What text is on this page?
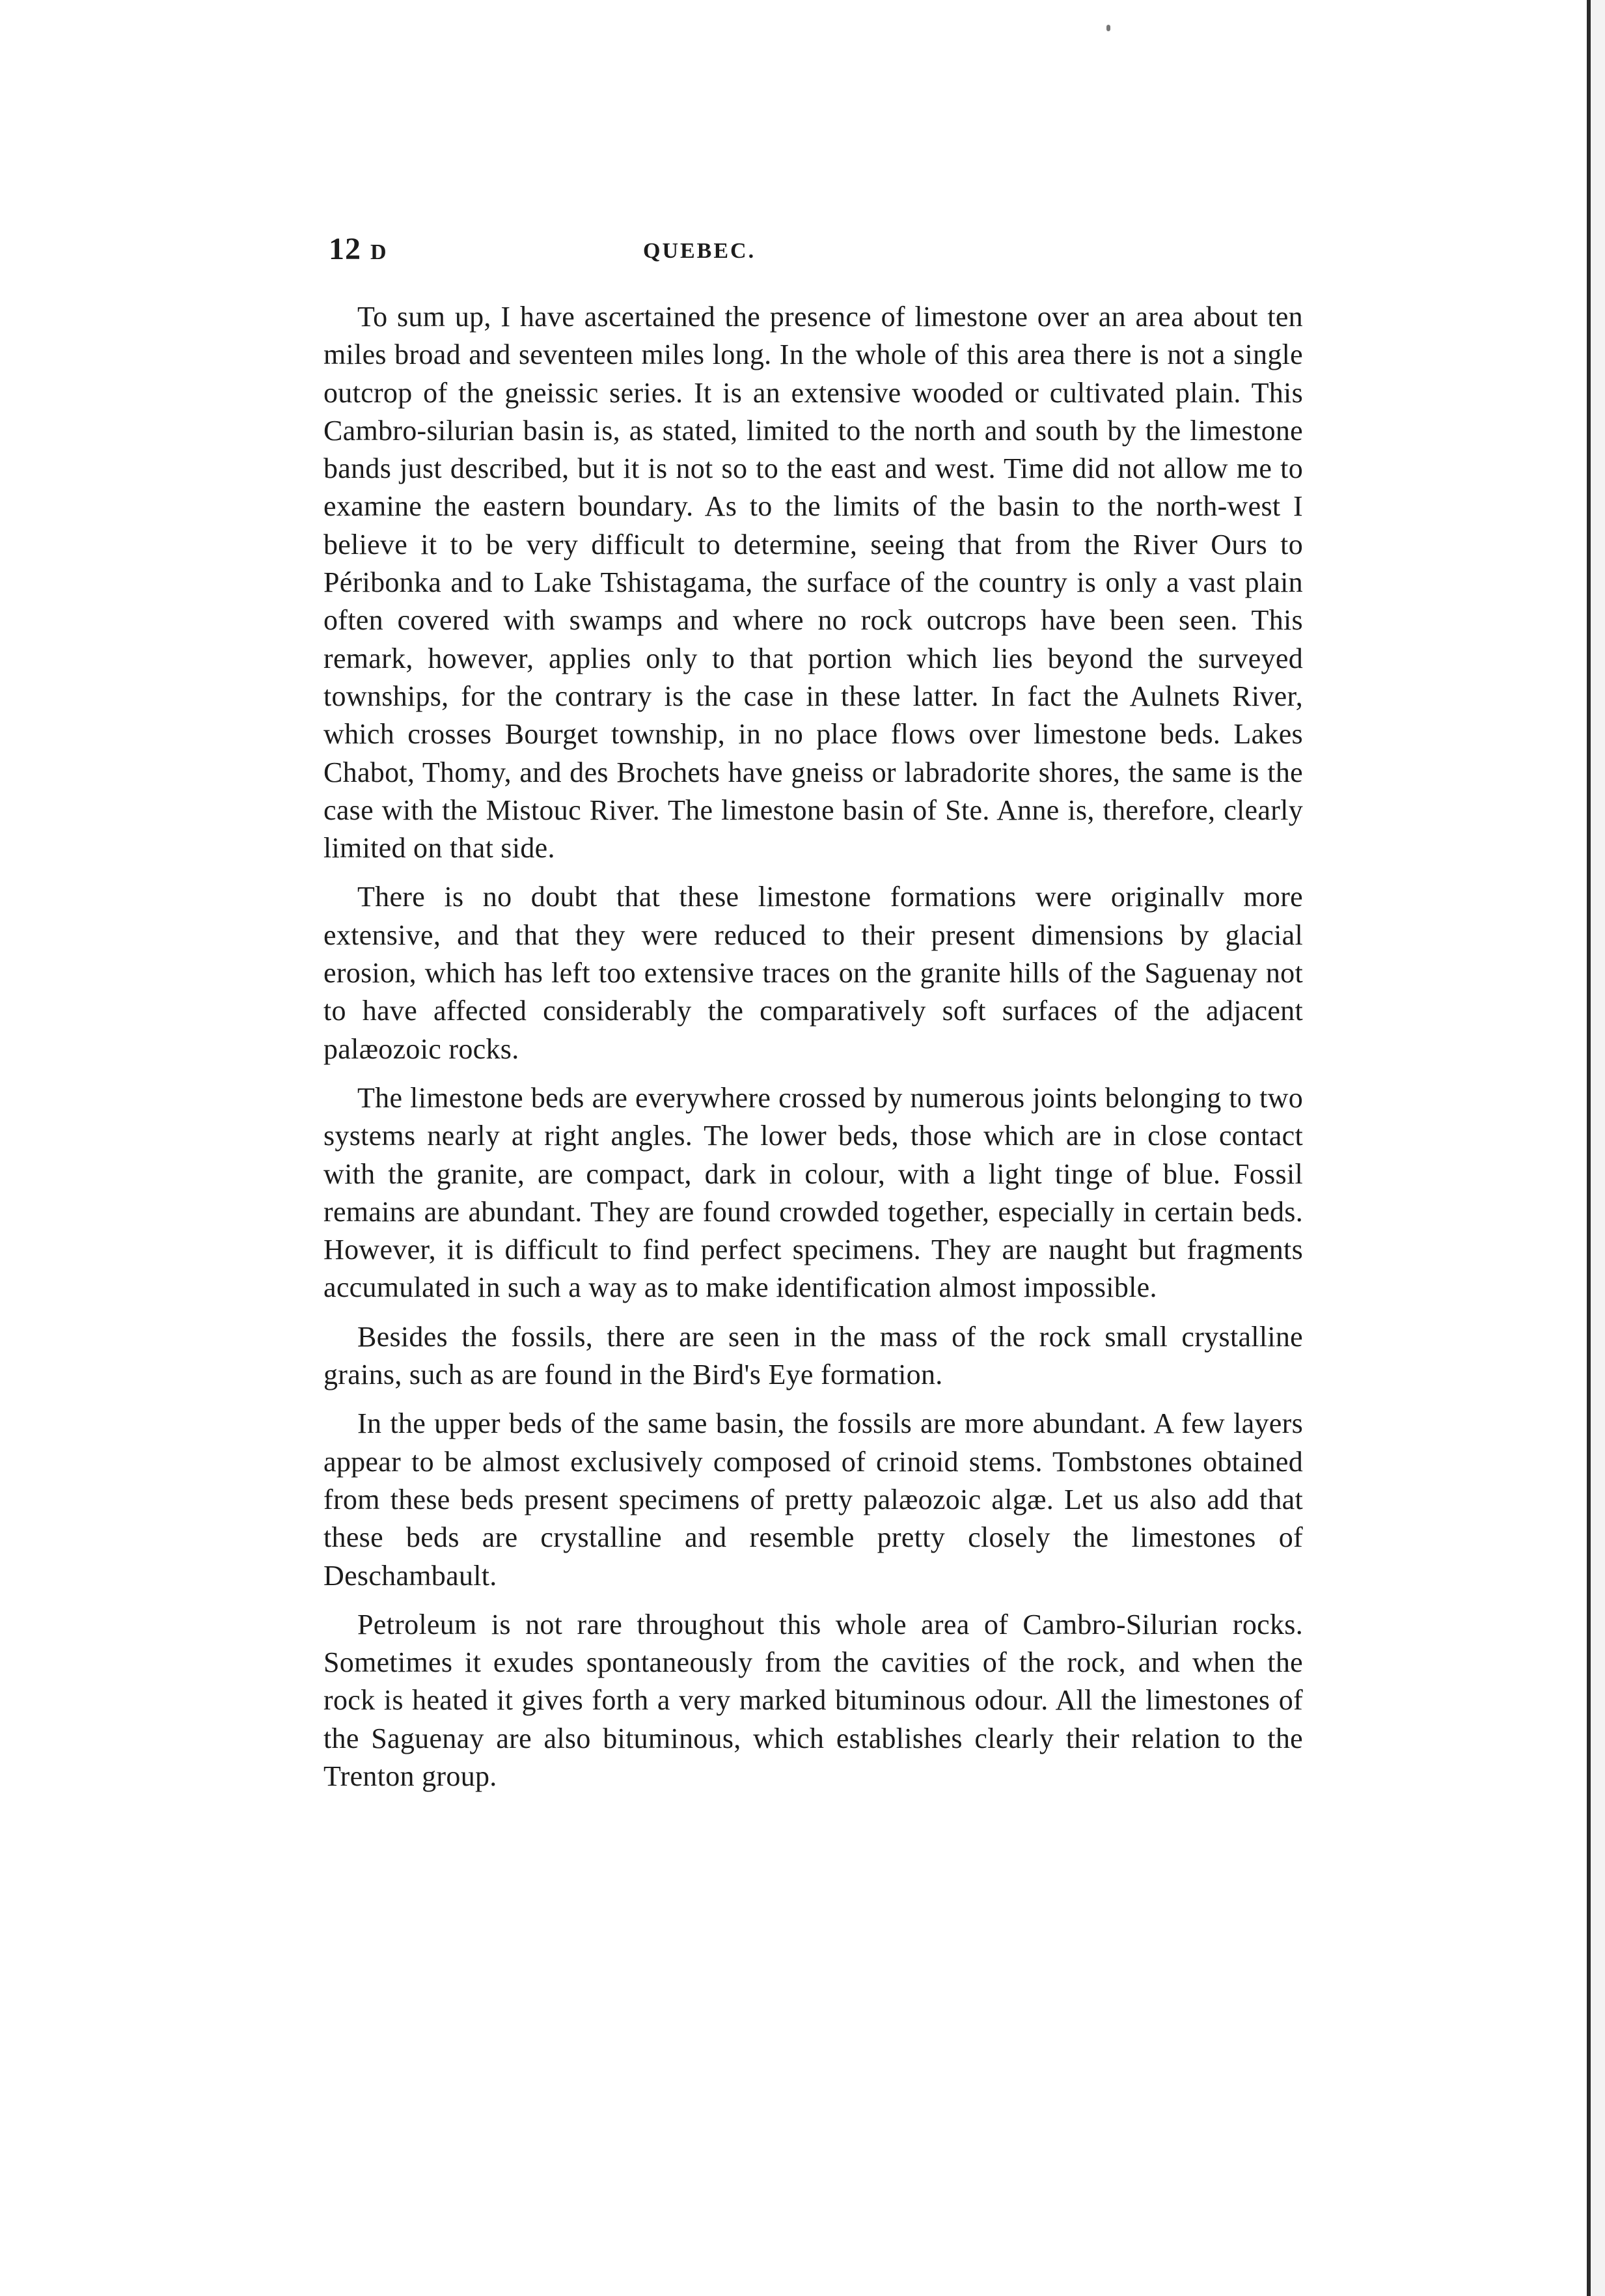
12 D	QUEBEC.

To sum up, I have ascertained the presence of limestone over an area about ten miles broad and seventeen miles long. In the whole of this area there is not a single outcrop of the gneissic series. It is an extensive wooded or cultivated plain. This Cambro-silurian basin is, as stated, limited to the north and south by the limestone bands just described, but it is not so to the east and west. Time did not allow me to examine the eastern boundary. As to the limits of the basin to the north-west I believe it to be very difficult to determine, seeing that from the River Ours to Péribonka and to Lake Tshistagama, the surface of the country is only a vast plain often covered with swamps and where no rock outcrops have been seen. This remark, however, applies only to that portion which lies beyond the surveyed townships, for the contrary is the case in these latter. In fact the Aulnets River, which crosses Bourget township, in no place flows over limestone beds. Lakes Chabot, Thomy, and des Brochets have gneiss or labradorite shores, the same is the case with the Mistouc River. The limestone basin of Ste. Anne is, therefore, clearly limited on that side.

There is no doubt that these limestone formations were originallv more extensive, and that they were reduced to their present dimensions by glacial erosion, which has left too extensive traces on the granite hills of the Saguenay not to have affected considerably the comparatively soft surfaces of the adjacent palæozoic rocks.

The limestone beds are everywhere crossed by numerous joints belonging to two systems nearly at right angles. The lower beds, those which are in close contact with the granite, are compact, dark in colour, with a light tinge of blue. Fossil remains are abundant. They are found crowded together, especially in certain beds. However, it is difficult to find perfect specimens. They are naught but fragments accumulated in such a way as to make identification almost impossible.

Besides the fossils, there are seen in the mass of the rock small crystalline grains, such as are found in the Bird's Eye formation.

In the upper beds of the same basin, the fossils are more abundant. A few layers appear to be almost exclusively composed of crinoid stems. Tombstones obtained from these beds present specimens of pretty palæozoic algæ. Let us also add that these beds are crystalline and resemble pretty closely the limestones of Deschambault.

Petroleum is not rare throughout this whole area of Cambro-Silurian rocks. Sometimes it exudes spontaneously from the cavities of the rock, and when the rock is heated it gives forth a very marked bituminous odour. All the limestones of the Saguenay are also bituminous, which establishes clearly their relation to the Trenton group.
